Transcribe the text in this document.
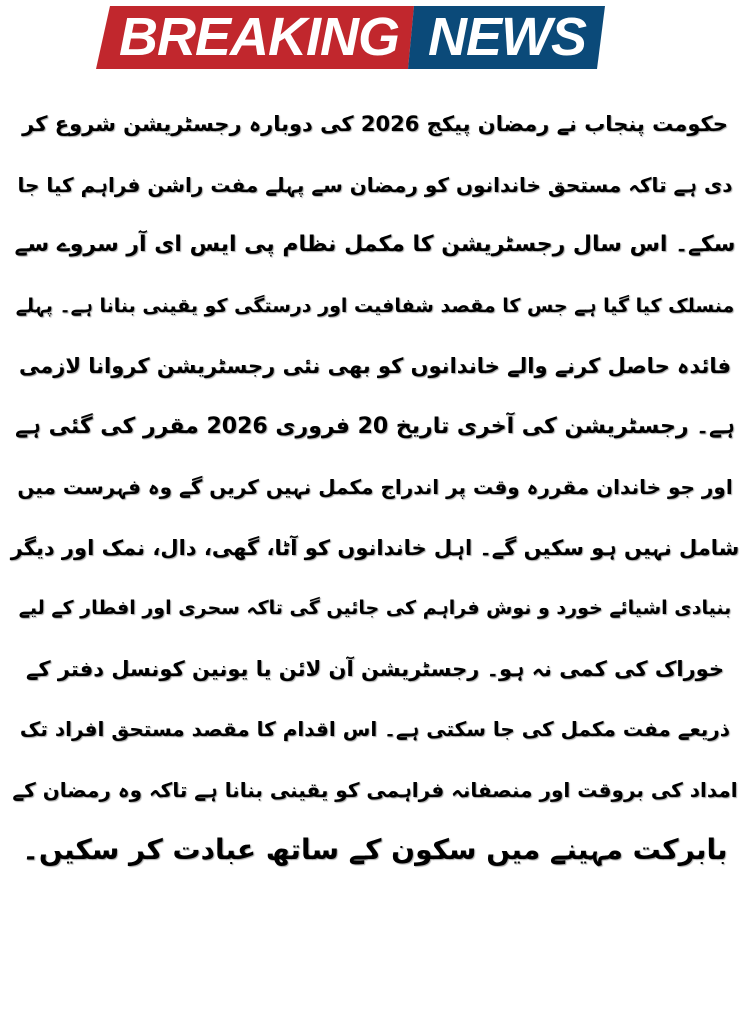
BREAKING NEWS
حکومت پنجاب نے رمضان پیکج 2026 کی دوبارہ رجسٹریشن شروع کر
دی ہے تاکہ مستحق خاندانوں کو رمضان سے پہلے مفت راشن فراہم کیا جا
سکے۔ اس سال رجسٹریشن کا مکمل نظام پی ایس ای آر سروے سے
منسلک کیا گیا ہے جس کا مقصد شفافیت اور درستگی کو یقینی بنانا ہے۔ پہلے
فائدہ حاصل کرنے والے خاندانوں کو بھی نئی رجسٹریشن کروانا لازمی
ہے۔ رجسٹریشن کی آخری تاریخ 20 فروری 2026 مقرر کی گئی ہے
اور جو خاندان مقررہ وقت پر اندراج مکمل نہیں کریں گے وہ فہرست میں
شامل نہیں ہو سکیں گے۔ اہل خاندانوں کو آٹا، گھی، دال، نمک اور دیگر
بنیادی اشیائے خورد و نوش فراہم کی جائیں گی تاکہ سحری اور افطار کے لیے
خوراک کی کمی نہ ہو۔ رجسٹریشن آن لائن یا یونین کونسل دفتر کے
ذریعے مفت مکمل کی جا سکتی ہے۔ اس اقدام کا مقصد مستحق افراد تک
امداد کی بروقت اور منصفانہ فراہمی کو یقینی بنانا ہے تاکہ وہ رمضان کے
بابرکت مہینے میں سکون کے ساتھ عبادت کر سکیں۔
